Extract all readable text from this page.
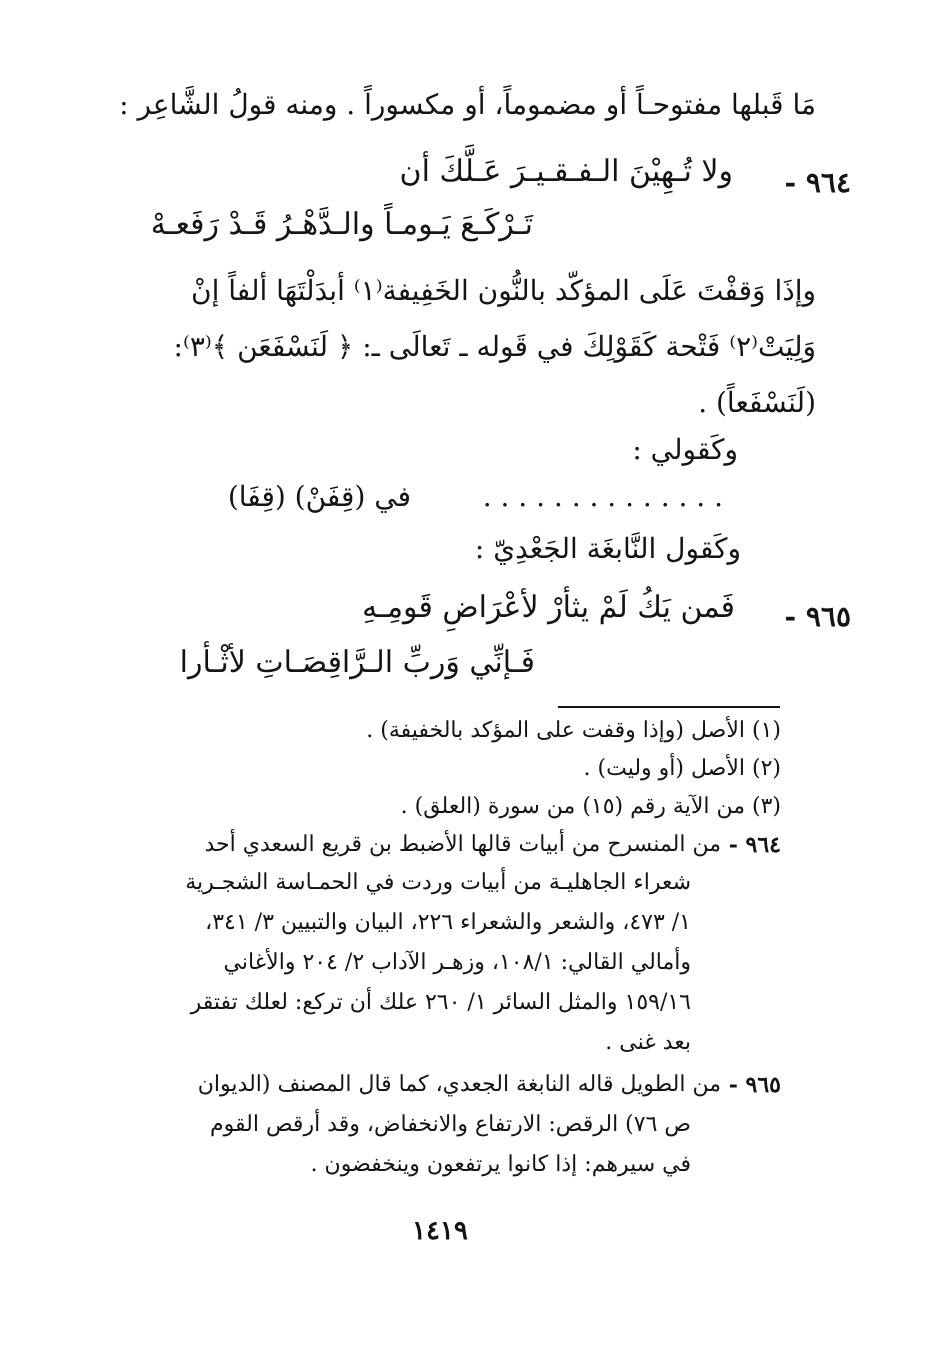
مَا قَبلها مفتوحـاً أو مضموماً، أو مكسوراً . ومنه قولُ الشَّاعِر :
٩٦٤ -
ولا تُـهِيْنَ الـفـقـيـرَ عَـلَّكَ أن
تَـرْكَـعَ يَـومـاً والـدَّهْـرُ قَـدْ رَفَعـهْ
وإذَا وَقفْتَ عَلَى المؤكّد بالنُّون الخَفِيفة⁽١⁾ أبدَلْتَهَا ألفاً إنْ
وَلِيَتْ⁽٢⁾ فَتْحة كَقَوْلِكَ في قَوله ـ تَعالَى ـ: ﴿ لَنَسْفَعَن ﴾⁽٣⁾:
(لَنَسْفَعاً) .
وكَقولي :
. . . . . . . . . . . . . .
في (قِفَنْ) (قِفَا)
وكَقول النَّابغَة الجَعْدِيّ :
٩٦٥ -
فَمن يَكُ لَمْ يثأرْ لأعْرَاضِ قَومِـهِ
فَـإنِّي وَربِّ الـرَّاقِصَـاتِ لأثْـأرا
(١) الأصل (وإذا وقفت على المؤكد بالخفيفة) .
(٢) الأصل (أو وليت) .
(٣) من الآية رقم (١٥) من سورة (العلق) .
٩٦٤ -
من المنسرح من أبيات قالها الأضبط بن قريع السعدي أحد
شعراء الجاهليـة من أبيات وردت في الحمـاسة الشجـرية
١/ ٤٧٣، والشعر والشعراء ٢٢٦، البيان والتبيين ٣/ ٣٤١،
وأمالي القالي: ١٠٨/١، وزهـر الآداب ٢/ ٢٠٤ والأغاني
١٥٩/١٦ والمثل السائر ١/ ٢٦٠ علك أن تركع: لعلك تفتقر
بعد غنى .
٩٦٥ -
من الطويل قاله النابغة الجعدي، كما قال المصنف (الديوان
ص ٧٦) الرقص: الارتفاع والانخفاض، وقد أرقص القوم
في سيرهم: إذا كانوا يرتفعون وينخفضون .
١٤١٩
